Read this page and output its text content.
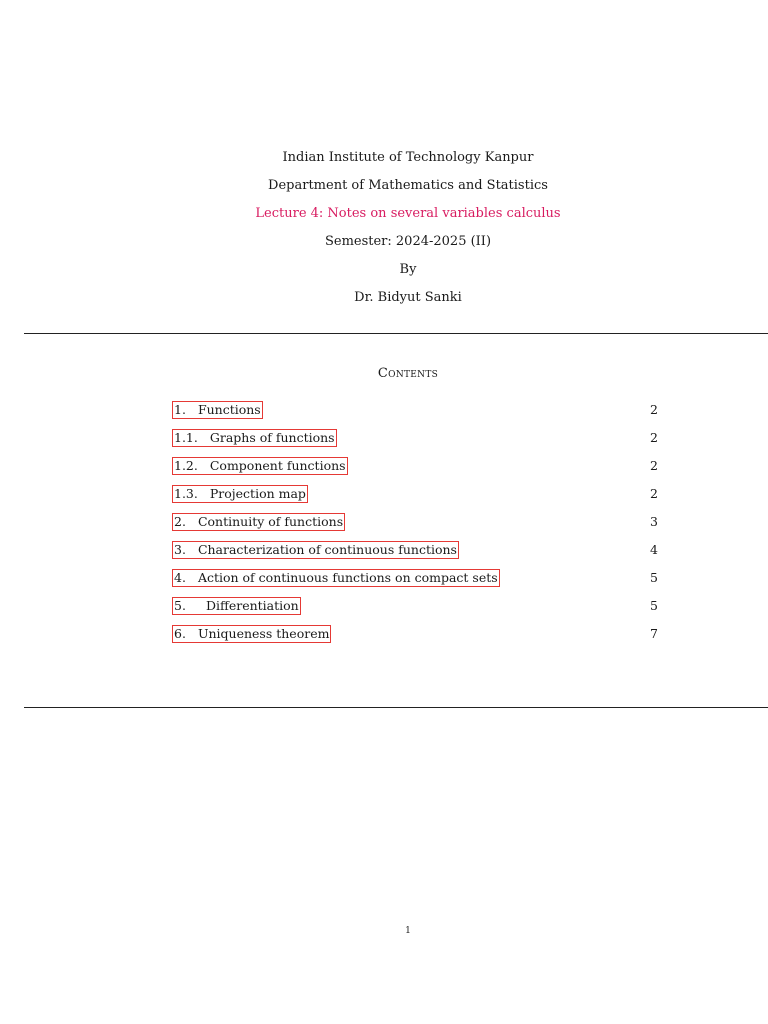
Indian Institute of Technology Kanpur
Department of Mathematics and Statistics
Lecture 4: Notes on several variables calculus
Semester: 2024-2025 (II)
By
Dr. Bidyut Sanki
Contents
1. Functions	2
1.1. Graphs of functions	2
1.2. Component functions	2
1.3. Projection map	2
2. Continuity of functions	3
3. Characterization of continuous functions	4
4. Action of continuous functions on compact sets	5
5. Differentiation	5
6. Uniqueness theorem	7
1
